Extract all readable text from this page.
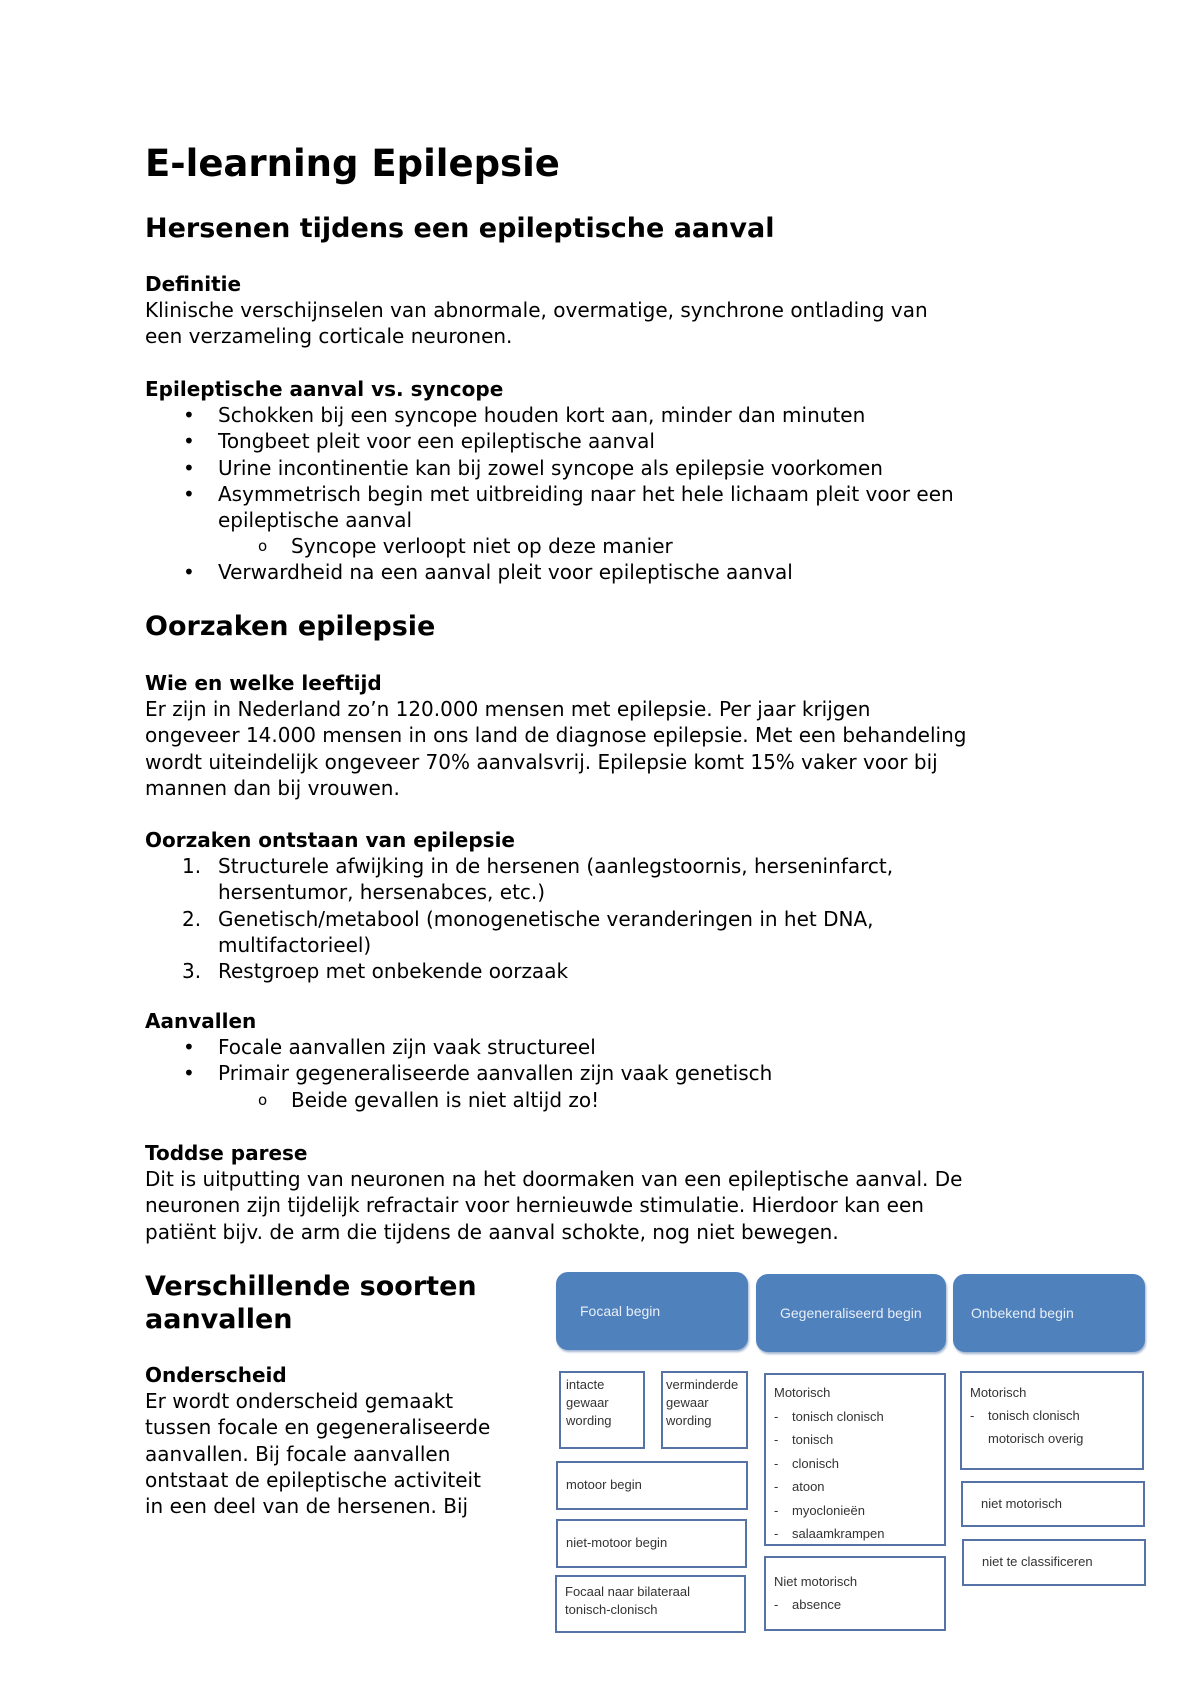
E-learning Epilepsie
Hersenen tijdens een epileptische aanval
Definitie
Klinische verschijnselen van abnormale, overmatige, synchrone ontlading van
een verzameling corticale neuronen.
Epileptische aanval vs. syncope
• Schokken bij een syncope houden kort aan, minder dan minuten
• Tongbeet pleit voor een epileptische aanval
• Urine incontinentie kan bij zowel syncope als epilepsie voorkomen
• Asymmetrisch begin met uitbreiding naar het hele lichaam pleit voor een
epileptische aanval
o Syncope verloopt niet op deze manier
• Verwardheid na een aanval pleit voor epileptische aanval
Oorzaken epilepsie
Wie en welke leeftijd
Er zijn in Nederland zo’n 120.000 mensen met epilepsie. Per jaar krijgen
ongeveer 14.000 mensen in ons land de diagnose epilepsie. Met een behandeling
wordt uiteindelijk ongeveer 70% aanvalsvrij. Epilepsie komt 15% vaker voor bij
mannen dan bij vrouwen.
Oorzaken ontstaan van epilepsie
1. Structurele afwijking in de hersenen (aanlegstoornis, herseninfarct,
hersentumor, hersenabces, etc.)
2. Genetisch/metabool (monogenetische veranderingen in het DNA,
multifactorieel)
3. Restgroep met onbekende oorzaak
Aanvallen
• Focale aanvallen zijn vaak structureel
• Primair gegeneraliseerde aanvallen zijn vaak genetisch
o Beide gevallen is niet altijd zo!
Toddse parese
Dit is uitputting van neuronen na het doormaken van een epileptische aanval. De
neuronen zijn tijdelijk refractair voor hernieuwde stimulatie. Hierdoor kan een
patiënt bijv. de arm die tijdens de aanval schokte, nog niet bewegen.
Verschillende soorten
aanvallen
Onderscheid
Er wordt onderscheid gemaakt
tussen focale en gegeneraliseerde
aanvallen. Bij focale aanvallen
ontstaat de epileptische activiteit
in een deel van de hersenen. Bij
Focaal begin	Gegeneraliseerd begin	Onbekend begin
intacte
gewaar
wording
verminderde
gewaar
wording
motoor begin
niet-motoor begin
Focaal naar bilateraal
tonisch-clonisch
Motorisch
- tonisch clonisch
- tonisch
- clonisch
- atoon
- myoclonieën
- salaamkrampen
Niet motorisch
- absence
Motorisch
- tonisch clonisch
motorisch overig
niet motorisch
niet te classificeren
